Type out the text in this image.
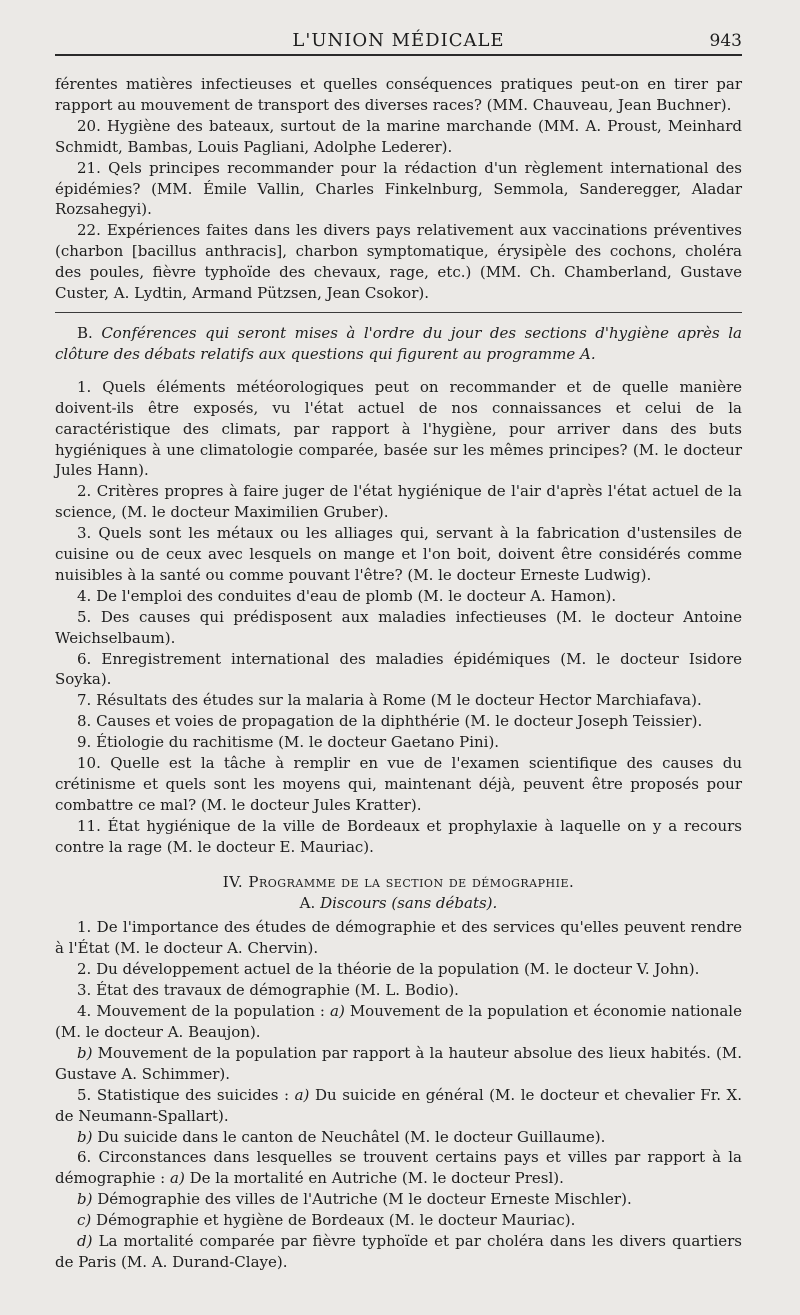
L'UNION MÉDICALE	943

férentes matières infectieuses et quelles conséquences pratiques peut-on en tirer par rapport au mouvement de transport des diverses races? (MM. Chauveau, Jean Buchner).

20. Hygiène des bateaux, surtout de la marine marchande (MM. A. Proust, Meinhard Schmidt, Bambas, Louis Pagliani, Adolphe Lederer).

21. Qels principes recommander pour la rédaction d'un règlement international des épidémies? (MM. Émile Vallin, Charles Finkelnburg, Semmola, Sanderegger, Aladar Rozsahegyi).

22. Expériences faites dans les divers pays relativement aux vaccinations préventives (charbon [bacillus anthracis], charbon symptomatique, érysipèle des cochons, choléra des poules, fièvre typhoïde des chevaux, rage, etc.) (MM. Ch. Chamberland, Gustave Custer, A. Lydtin, Armand Pützsen, Jean Csokor).

B. Conférences qui seront mises à l'ordre du jour des sections d'hygiène après la clôture des débats relatifs aux questions qui figurent au programme A.

1. Quels éléments météorologiques peut on recommander et de quelle manière doivent-ils être exposés, vu l'état actuel de nos connaissances et celui de la caractéristique des climats, par rapport à l'hygiène, pour arriver dans des buts hygiéniques à une climatologie comparée, basée sur les mêmes principes? (M. le docteur Jules Hann).

2. Critères propres à faire juger de l'état hygiénique de l'air d'après l'état actuel de la science, (M. le docteur Maximilien Gruber).

3. Quels sont les métaux ou les alliages qui, servant à la fabrication d'ustensiles de cuisine ou de ceux avec lesquels on mange et l'on boit, doivent être considérés comme nuisibles à la santé ou comme pouvant l'être? (M. le docteur Erneste Ludwig).

4. De l'emploi des conduites d'eau de plomb (M. le docteur A. Hamon).

5. Des causes qui prédisposent aux maladies infectieuses (M. le docteur Antoine Weichselbaum).

6. Enregistrement international des maladies épidémiques (M. le docteur Isidore Soyka).

7. Résultats des études sur la malaria à Rome (M le docteur Hector Marchiafava).

8. Causes et voies de propagation de la diphthérie (M. le docteur Joseph Teissier).

9. Étiologie du rachitisme (M. le docteur Gaetano Pini).

10. Quelle est la tâche à remplir en vue de l'examen scientifique des causes du crétinisme et quels sont les moyens qui, maintenant déjà, peuvent être proposés pour combattre ce mal? (M. le docteur Jules Kratter).

11. État hygiénique de la ville de Bordeaux et prophylaxie à laquelle on y a recours contre la rage (M. le docteur E. Mauriac).

IV. Programme de la section de démographie.

A. Discours (sans débats).

1. De l'importance des études de démographie et des services qu'elles peuvent rendre à l'État (M. le docteur A. Chervin).

2. Du développement actuel de la théorie de la population (M. le docteur V. John).

3. État des travaux de démographie (M. L. Bodio).

4. Mouvement de la population : a) Mouvement de la population et économie nationale (M. le docteur A. Beaujon).

b) Mouvement de la population par rapport à la hauteur absolue des lieux habités. (M. Gustave A. Schimmer).

5. Statistique des suicides : a) Du suicide en général (M. le docteur et chevalier Fr. X. de Neumann-Spallart).

b) Du suicide dans le canton de Neuchâtel (M. le docteur Guillaume).

6. Circonstances dans lesquelles se trouvent certains pays et villes par rapport à la démographie : a) De la mortalité en Autriche (M. le docteur Presl).

b) Démographie des villes de l'Autriche (M le docteur Erneste Mischler).

c) Démographie et hygiène de Bordeaux (M. le docteur Mauriac).

d) La mortalité comparée par fièvre typhoïde et par choléra dans les divers quartiers de Paris (M. A. Durand-Claye).
